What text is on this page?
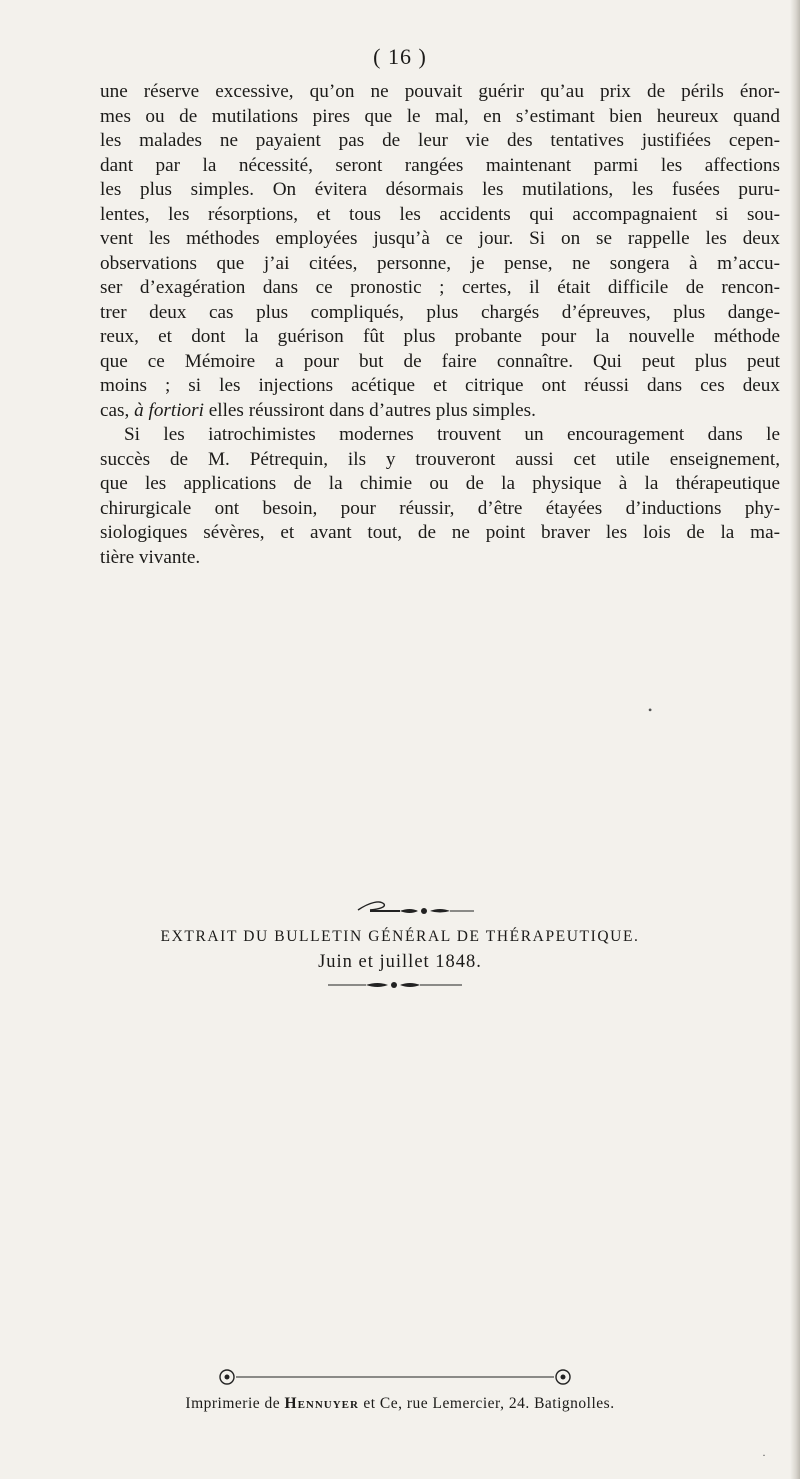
( 16 )
une réserve excessive, qu’on ne pouvait guérir qu’au prix de périls énor-
mes ou de mutilations pires que le mal, en s’estimant bien heureux quand
les malades ne payaient pas de leur vie des tentatives justifiées cepen-
dant par la nécessité, seront rangées maintenant parmi les affections
les plus simples. On évitera désormais les mutilations, les fusées puru-
lentes, les résorptions, et tous les accidents qui accompagnaient si sou-
vent les méthodes employées jusqu’à ce jour. Si on se rappelle les deux
observations que j’ai citées, personne, je pense, ne songera à m’accu-
ser d’exagération dans ce pronostic ; certes, il était difficile de rencon-
trer deux cas plus compliqués, plus chargés d’épreuves, plus dange-
reux, et dont la guérison fût plus probante pour la nouvelle méthode
que ce Mémoire a pour but de faire connaître. Qui peut plus peut
moins ; si les injections acétique et citrique ont réussi dans ces deux
cas, à fortiori elles réussiront dans d’autres plus simples.
Si les iatrochimistes modernes trouvent un encouragement dans le
succès de M. Pétrequin, ils y trouveront aussi cet utile enseignement,
que les applications de la chimie ou de la physique à la thérapeutique
chirurgicale ont besoin, pour réussir, d’être étayées d’inductions phy-
siologiques sévères, et avant tout, de ne point braver les lois de la ma-
tière vivante.
•
EXTRAIT DU BULLETIN GÉNÉRAL DE THÉRAPEUTIQUE.
Juin et juillet 1848.
Imprimerie de Hennuyer et Ce, rue Lemercier, 24. Batignolles.
·
